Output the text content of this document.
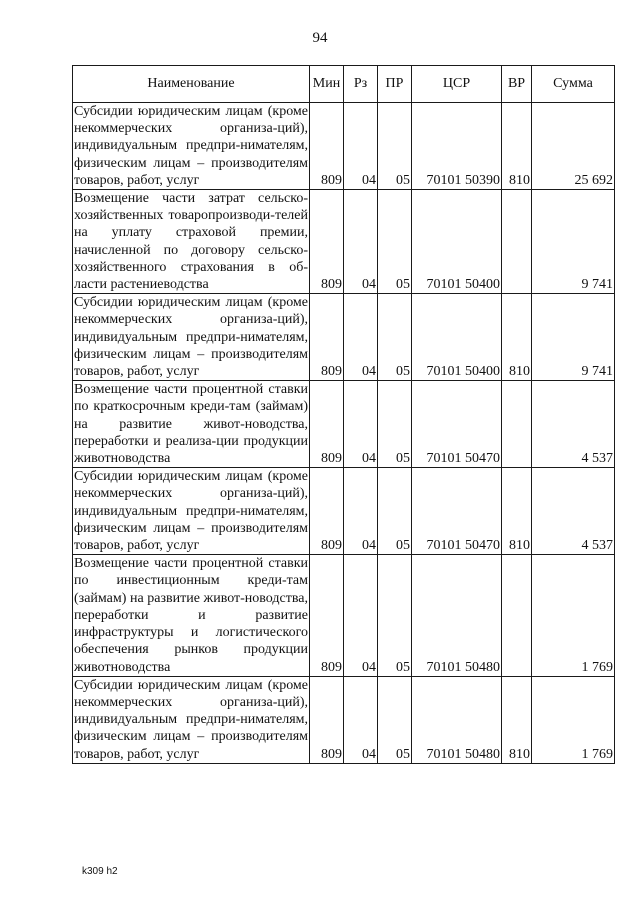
94
Наименование	Мин	Рз	ПР	ЦСР	ВР	Сумма
Субсидии юридическим лицам (кроме некоммерческих организа-ций), индивидуальным предпри-нимателям, физическим лицам – производителям товаров, работ, услуг	809	04	05	70101 50390	810	25 692
Возмещение части затрат сельско-хозяйственных товаропроизводи-телей на уплату страховой премии, начисленной по договору сельско-хозяйственного страхования в об-ласти растениеводства	809	04	05	70101 50400		9 741
Субсидии юридическим лицам (кроме некоммерческих организа-ций), индивидуальным предпри-нимателям, физическим лицам – производителям товаров, работ, услуг	809	04	05	70101 50400	810	9 741
Возмещение части процентной ставки по краткосрочным креди-там (займам) на развитие живот-новодства, переработки и реализа-ции продукции животноводства	809	04	05	70101 50470		4 537
Субсидии юридическим лицам (кроме некоммерческих организа-ций), индивидуальным предпри-нимателям, физическим лицам – производителям товаров, работ, услуг	809	04	05	70101 50470	810	4 537
Возмещение части процентной ставки по инвестиционным креди-там (займам) на развитие живот-новодства, переработки и развитие инфраструктуры и логистического обеспечения рынков продукции животноводства	809	04	05	70101 50480		1 769
Субсидии юридическим лицам (кроме некоммерческих организа-ций), индивидуальным предпри-нимателям, физическим лицам – производителям товаров, работ, услуг	809	04	05	70101 50480	810	1 769
k309 h2
